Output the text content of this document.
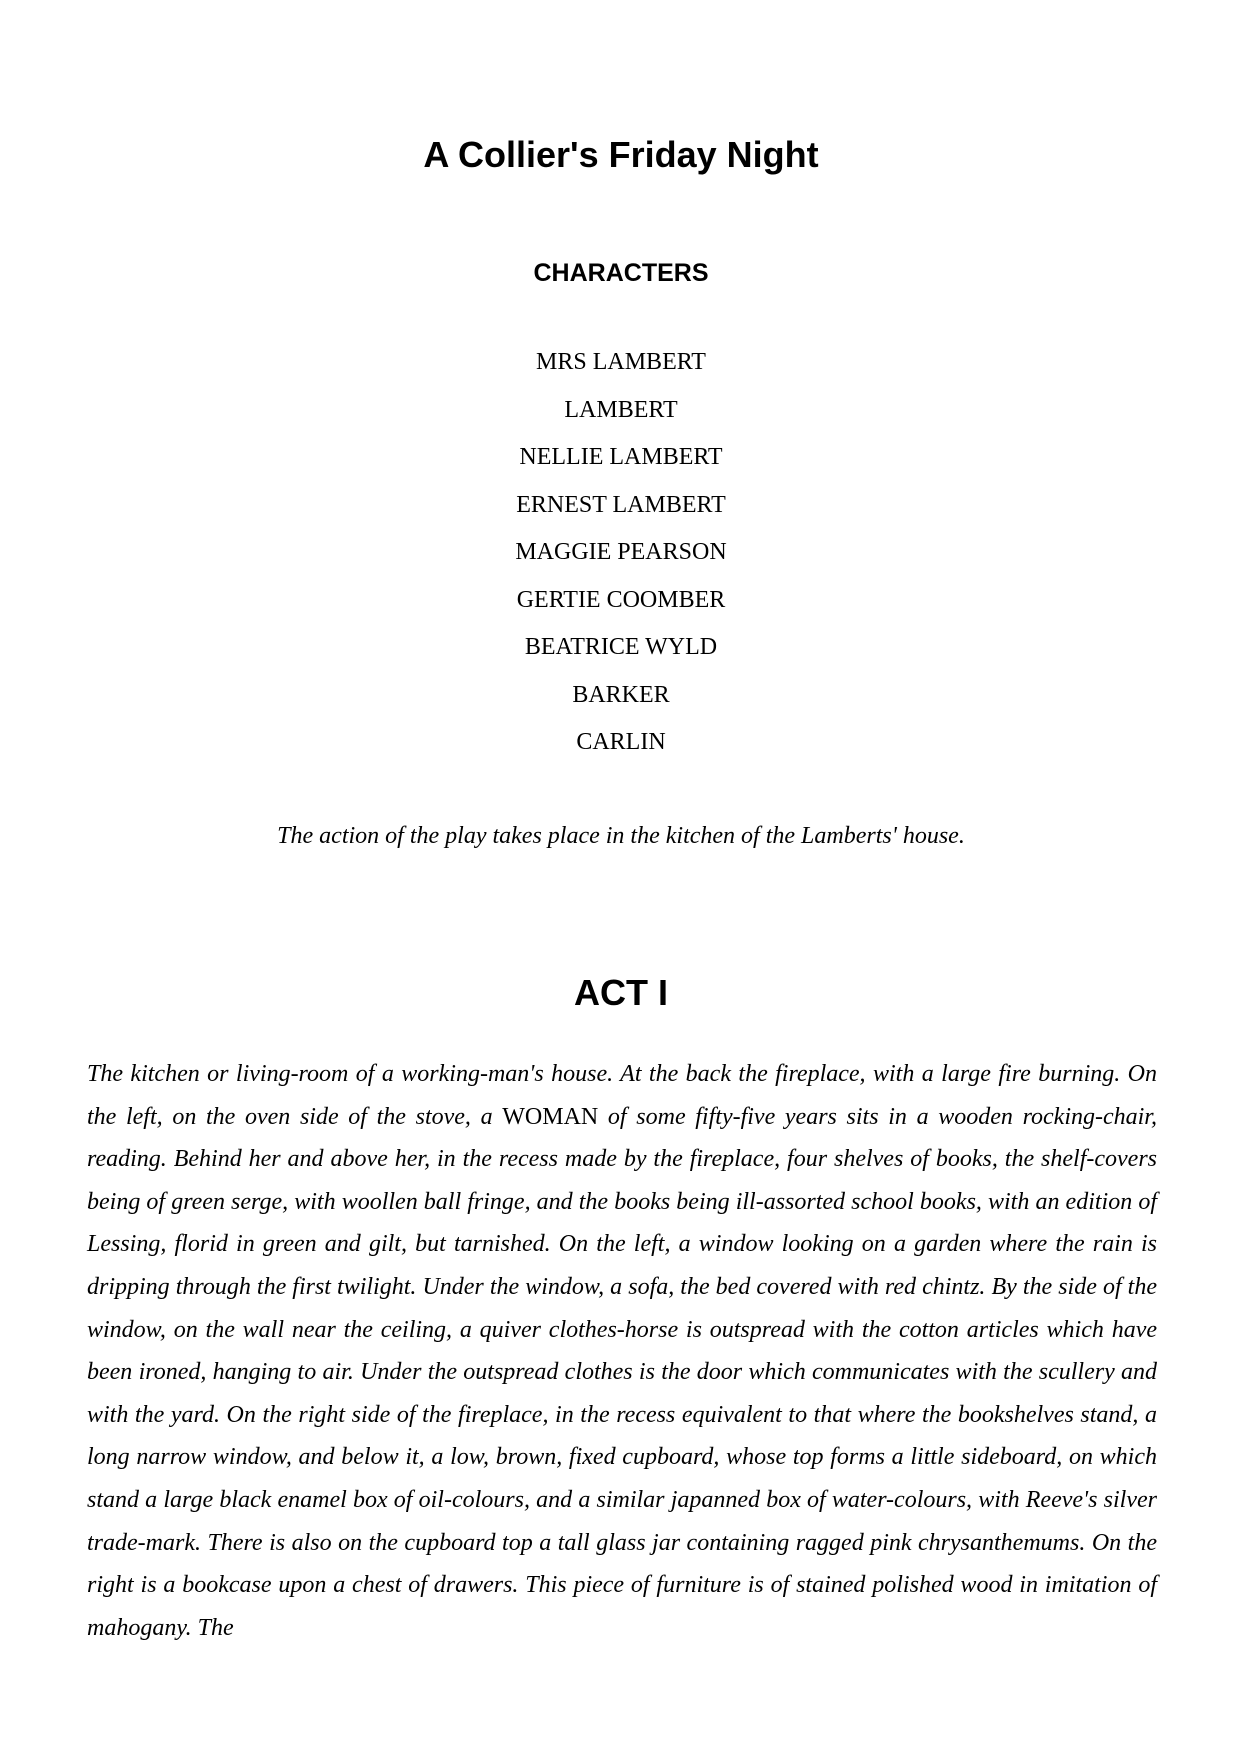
A Collier's Friday Night
CHARACTERS
MRS LAMBERT
LAMBERT
NELLIE LAMBERT
ERNEST LAMBERT
MAGGIE PEARSON
GERTIE COOMBER
BEATRICE WYLD
BARKER
CARLIN

The action of the play takes place in the kitchen of the Lamberts' house.

ACT I

The kitchen or living-room of a working-man's house. At the back the fireplace, with a large fire burning. On the left, on the oven side of the stove, a WOMAN of some fifty-five years sits in a wooden rocking-chair, reading. Behind her and above her, in the recess made by the fireplace, four shelves of books, the shelf-covers being of green serge, with woollen ball fringe, and the books being ill-assorted school books, with an edition of Lessing, florid in green and gilt, but tarnished. On the left, a window looking on a garden where the rain is dripping through the first twilight. Under the window, a sofa, the bed covered with red chintz. By the side of the window, on the wall near the ceiling, a quiver clothes-horse is outspread with the cotton articles which have been ironed, hanging to air. Under the outspread clothes is the door which communicates with the scullery and with the yard. On the right side of the fireplace, in the recess equivalent to that where the bookshelves stand, a long narrow window, and below it, a low, brown, fixed cupboard, whose top forms a little sideboard, on which stand a large black enamel box of oil-colours, and a similar japanned box of water-colours, with Reeve's silver trade-mark. There is also on the cupboard top a tall glass jar containing ragged pink chrysanthemums. On the right is a bookcase upon a chest of drawers. This piece of furniture is of stained polished wood in imitation of mahogany. The
